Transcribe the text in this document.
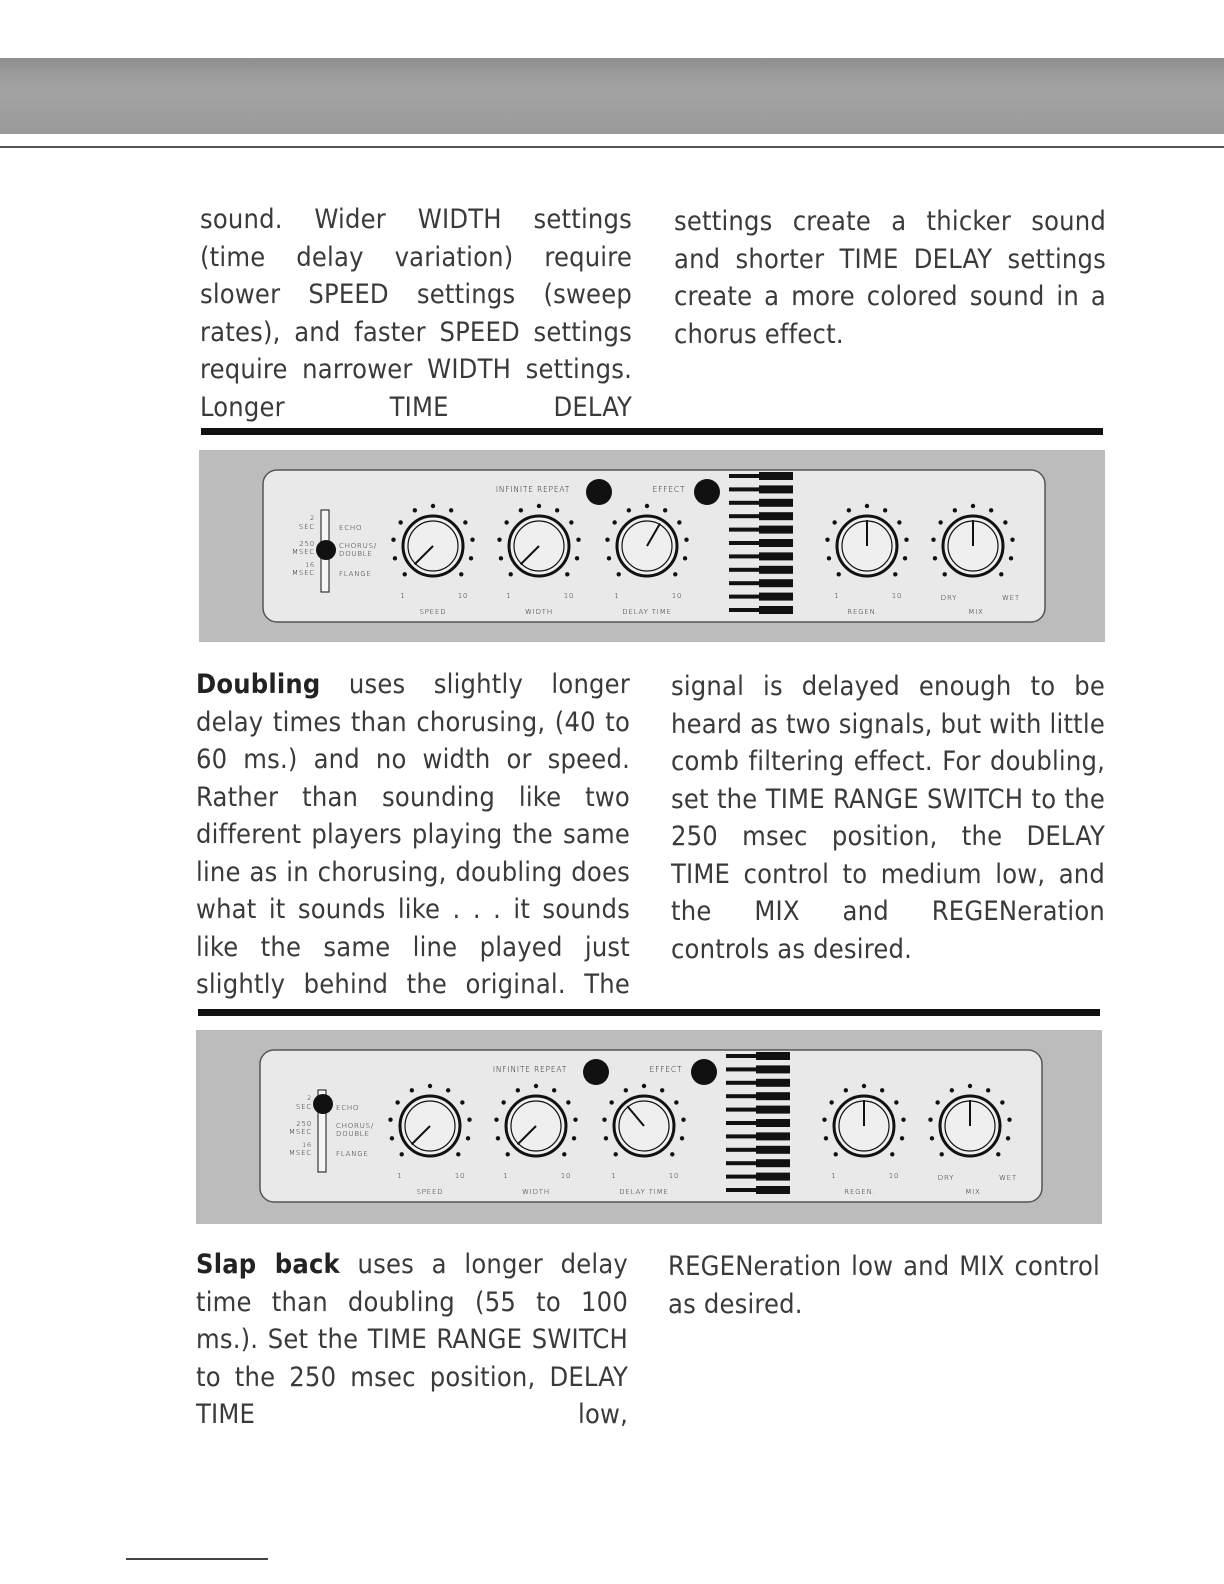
sound. Wider WIDTH settings (time delay variation) require slower SPEED settings (sweep rates), and faster SPEED settings require narrower WIDTH settings. Longer TIME DELAY

settings create a thicker sound and shorter TIME DELAY settings create a more colored sound in a chorus effect.

INFINITE REPEAT	EFFECT
2
SEC
250
MSEC
16
MSEC
ECHO
CHORUS/
DOUBLE
FLANGE
1	10
SPEED
1	10
WIDTH
1	10
DELAY TIME
1	10
REGEN.	MIX
DRY	WET

Doubling uses slightly longer delay times than chorusing, (40 to 60 ms.) and no width or speed. Rather than sounding like two different players playing the same line as in chorusing, doubling does what it sounds like . . . it sounds like the same line played just slightly behind the original. The

signal is delayed enough to be heard as two signals, but with little comb filtering effect. For doubling, set the TIME RANGE SWITCH to the 250 msec position, the DELAY TIME control to medium low, and the MIX and REGENeration controls as desired.

INFINITE REPEAT	EFFECT
2
SEC
250
MSEC
16
MSEC
ECHO
CHORUS/
DOUBLE
FLANGE
1	10
SPEED
1	10
WIDTH
1	10
DELAY TIME
1	10
REGEN.	MIX
DRY	WET

Slap back uses a longer delay time than doubling (55 to 100 ms.). Set the TIME RANGE SWITCH to the 250 msec position, DELAY TIME low,

REGENeration low and MIX control as desired.
